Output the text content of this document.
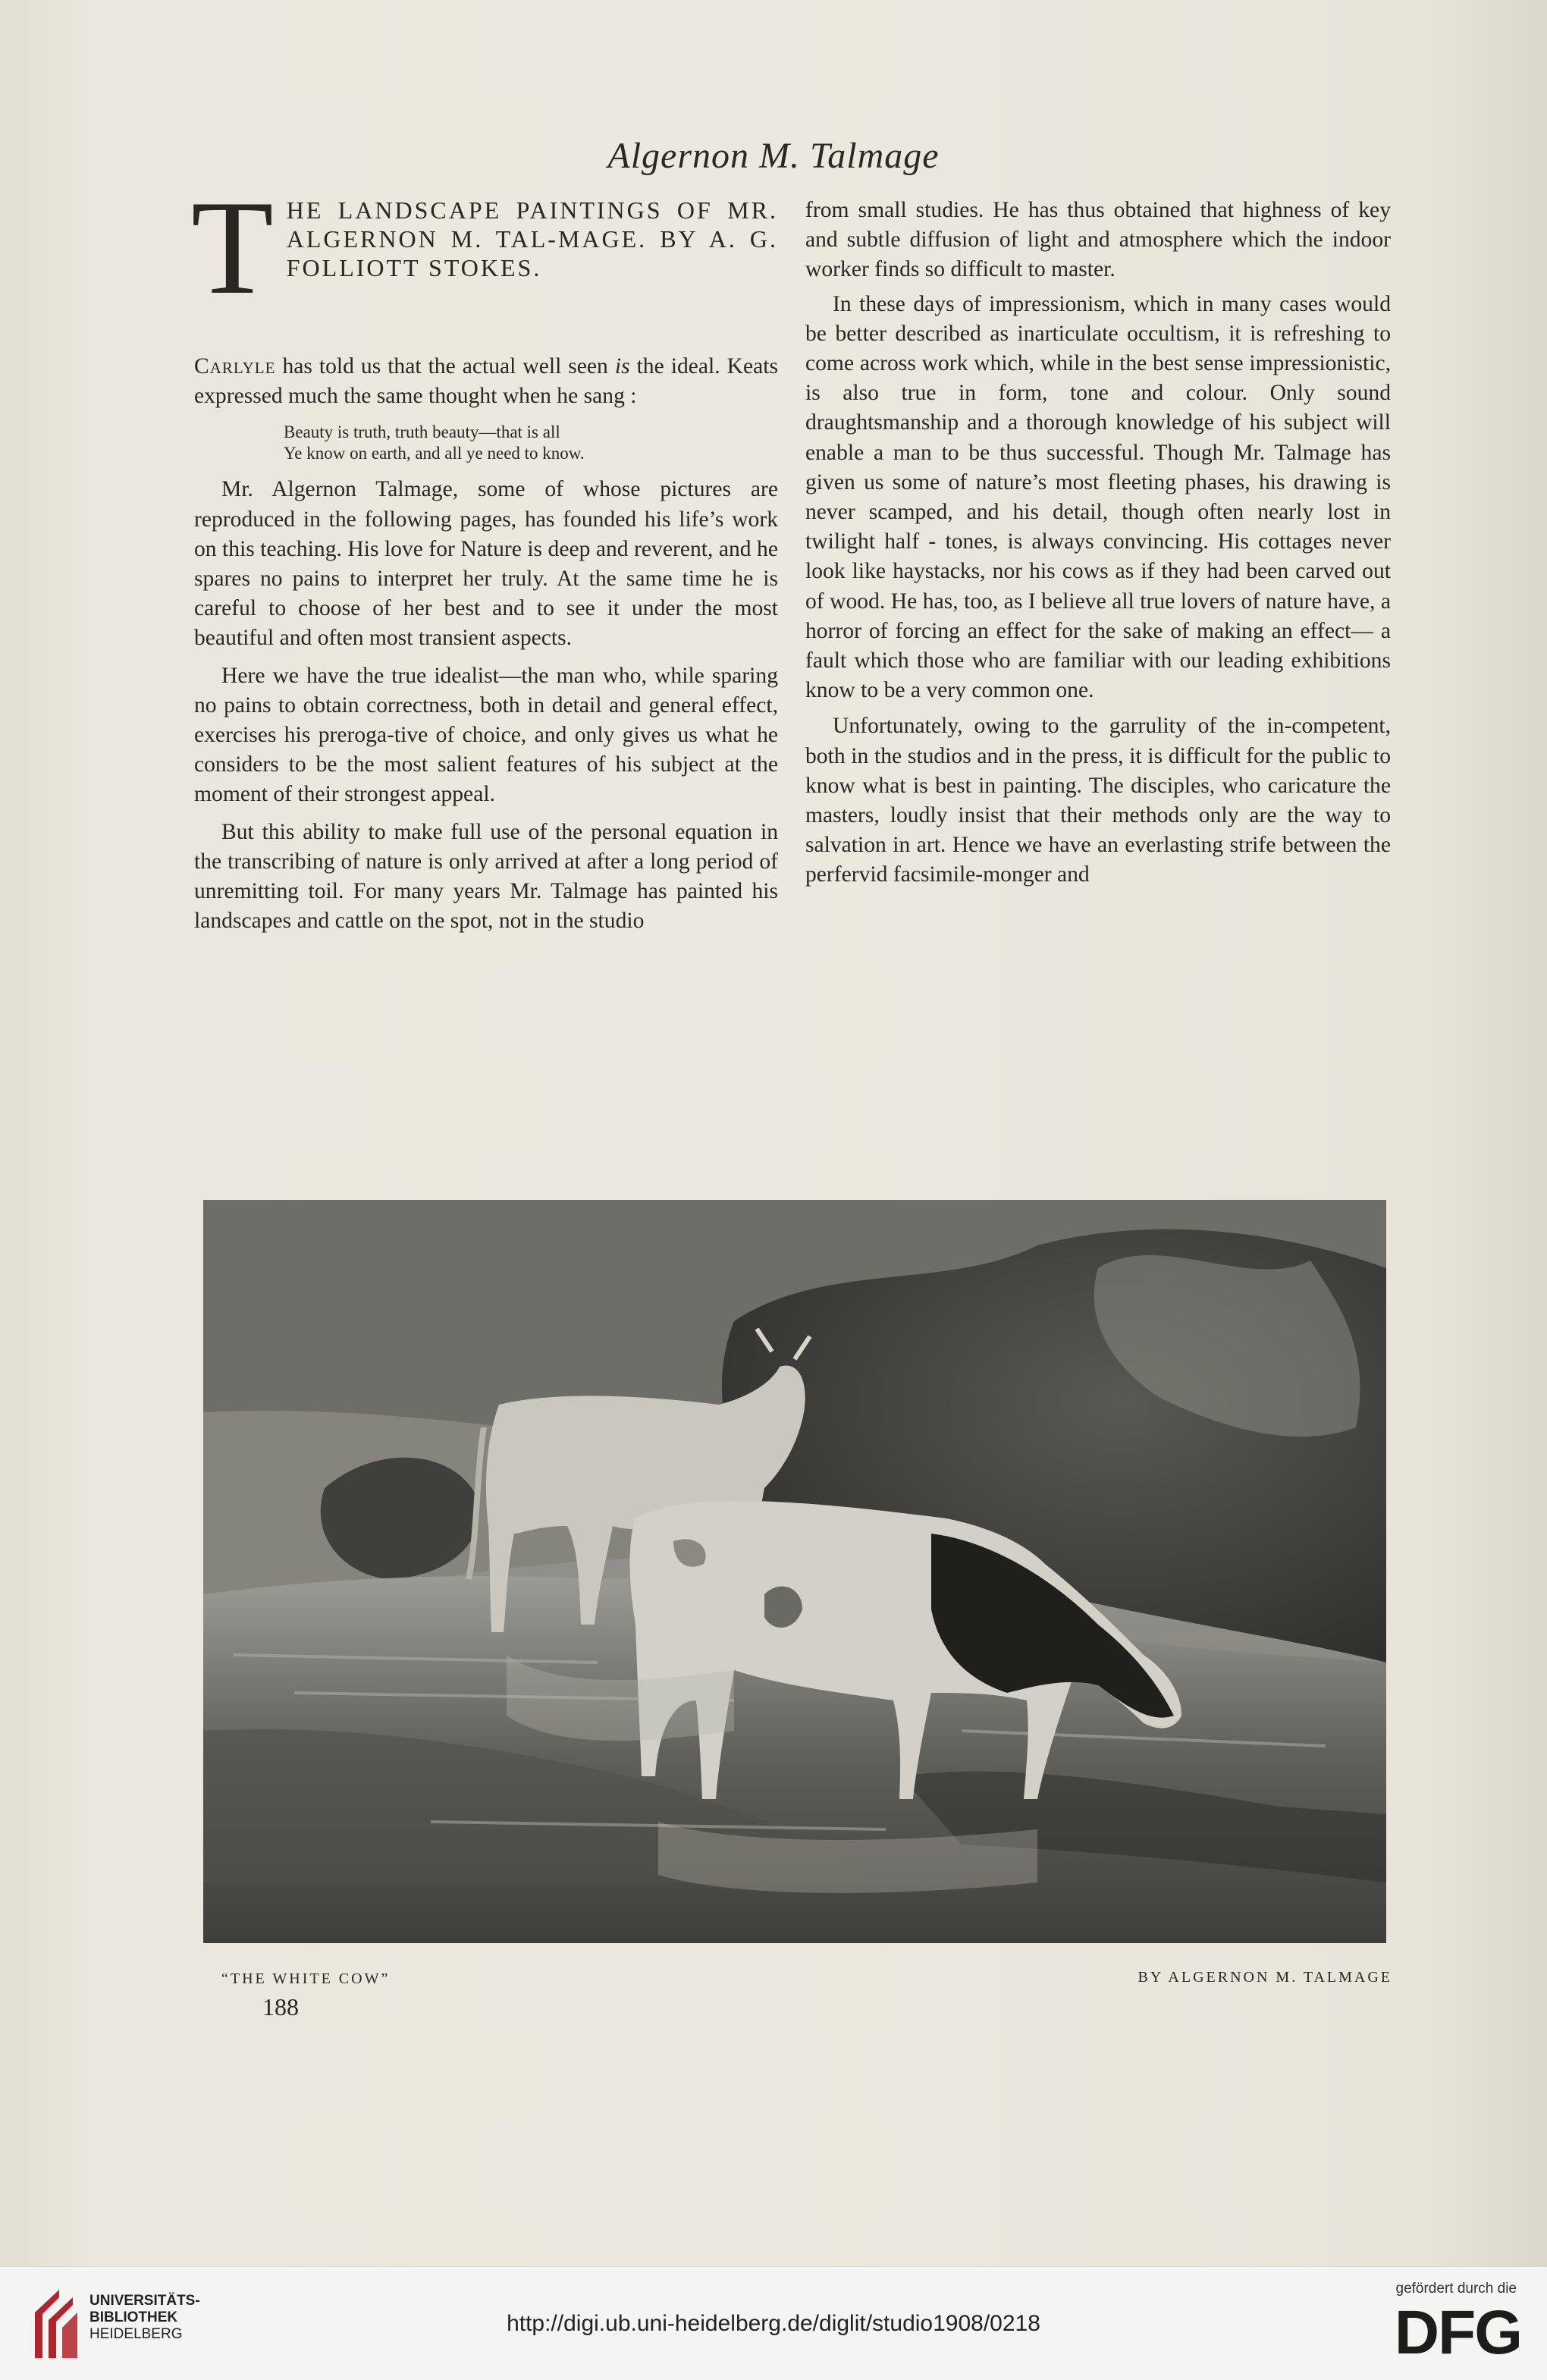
Algernon M. Talmage
T HE LANDSCAPE PAINTINGS OF MR. ALGERNON M. TAL-MAGE. BY A. G. FOLLIOTT STOKES.

Carlyle has told us that the actual well seen is the ideal. Keats expressed much the same thought when he sang :

Beauty is truth, truth beauty—that is all
Ye know on earth, and all ye need to know.

Mr. Algernon Talmage, some of whose pictures are reproduced in the following pages, has founded his life’s work on this teaching. His love for Nature is deep and reverent, and he spares no pains to interpret her truly. At the same time he is careful to choose of her best and to see it under the most beautiful and often most transient aspects.

Here we have the true idealist—the man who, while sparing no pains to obtain correctness, both in detail and general effect, exercises his preroga-tive of choice, and only gives us what he considers to be the most salient features of his subject at the moment of their strongest appeal.

But this ability to make full use of the personal equation in the transcribing of nature is only arrived at after a long period of unremitting toil. For many years Mr. Talmage has painted his landscapes and cattle on the spot, not in the studio

from small studies. He has thus obtained that highness of key and subtle diffusion of light and atmosphere which the indoor worker finds so difficult to master.

In these days of impressionism, which in many cases would be better described as inarticulate occultism, it is refreshing to come across work which, while in the best sense impressionistic, is also true in form, tone and colour. Only sound draughtsmanship and a thorough knowledge of his subject will enable a man to be thus successful. Though Mr. Talmage has given us some of nature’s most fleeting phases, his drawing is never scamped, and his detail, though often nearly lost in twilight half - tones, is always convincing. His cottages never look like haystacks, nor his cows as if they had been carved out of wood. He has, too, as I believe all true lovers of nature have, a horror of forcing an effect for the sake of making an effect— a fault which those who are familiar with our leading exhibitions know to be a very common one.

Unfortunately, owing to the garrulity of the in-competent, both in the studios and in the press, it is difficult for the public to know what is best in painting. The disciples, who caricature the masters, loudly insist that their methods only are the way to salvation in art. Hence we have an everlasting strife between the perfervid facsimile-monger and

“THE WHITE COW”	BY ALGERNON M. TALMAGE
188
UNIVERSITÄTS-
BIBLIOTHEK
HEIDELBERG	http://digi.ub.uni-heidelberg.de/diglit/studio1908/0218
gefördert durch die
DFG
